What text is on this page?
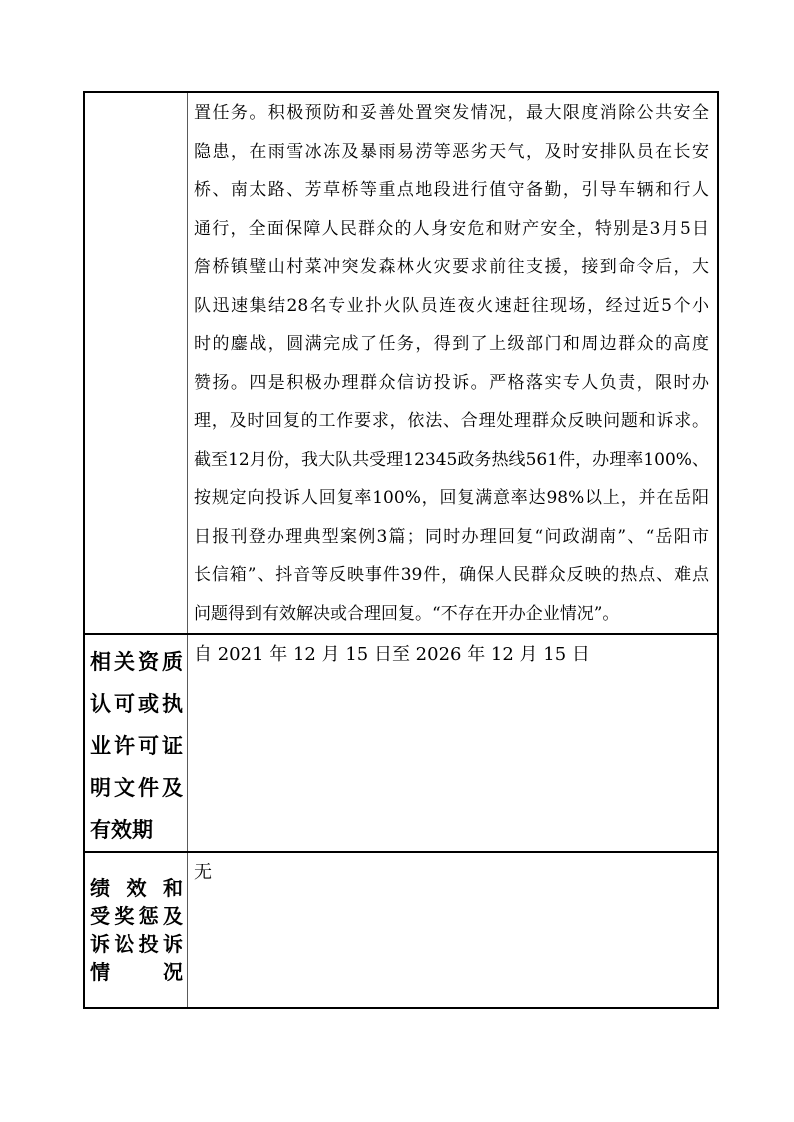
置任务。积极预防和妥善处置突发情况，最大限度消除公共安全
隐患，在雨雪冰冻及暴雨易涝等恶劣天气，及时安排队员在长安
桥、南太路、芳草桥等重点地段进行值守备勤，引导车辆和行人
通行，全面保障人民群众的人身安危和财产安全，特别是3月5日
詹桥镇璧山村菜冲突发森林火灾要求前往支援，接到命令后，大
队迅速集结28名专业扑火队员连夜火速赶往现场，经过近5个小
时的鏖战，圆满完成了任务，得到了上级部门和周边群众的高度
赞扬。四是积极办理群众信访投诉。严格落实专人负责，限时办
理，及时回复的工作要求，依法、合理处理群众反映问题和诉求。
截至12月份，我大队共受理12345政务热线561件，办理率100%、
按规定向投诉人回复率100%，回复满意率达98%以上，并在岳阳
日报刊登办理典型案例3篇；同时办理回复“问政湖南”、“岳阳市
长信箱”、抖音等反映事件39件，确保人民群众反映的热点、难点
问题得到有效解决或合理回复。“不存在开办企业情况”。
相关资质
认可或执
业许可证
明文件及
有效期
自 2021 年 12 月 15 日至 2026 年 12 月 15 日
绩效和
受奖惩及
诉讼投诉
情况
无
